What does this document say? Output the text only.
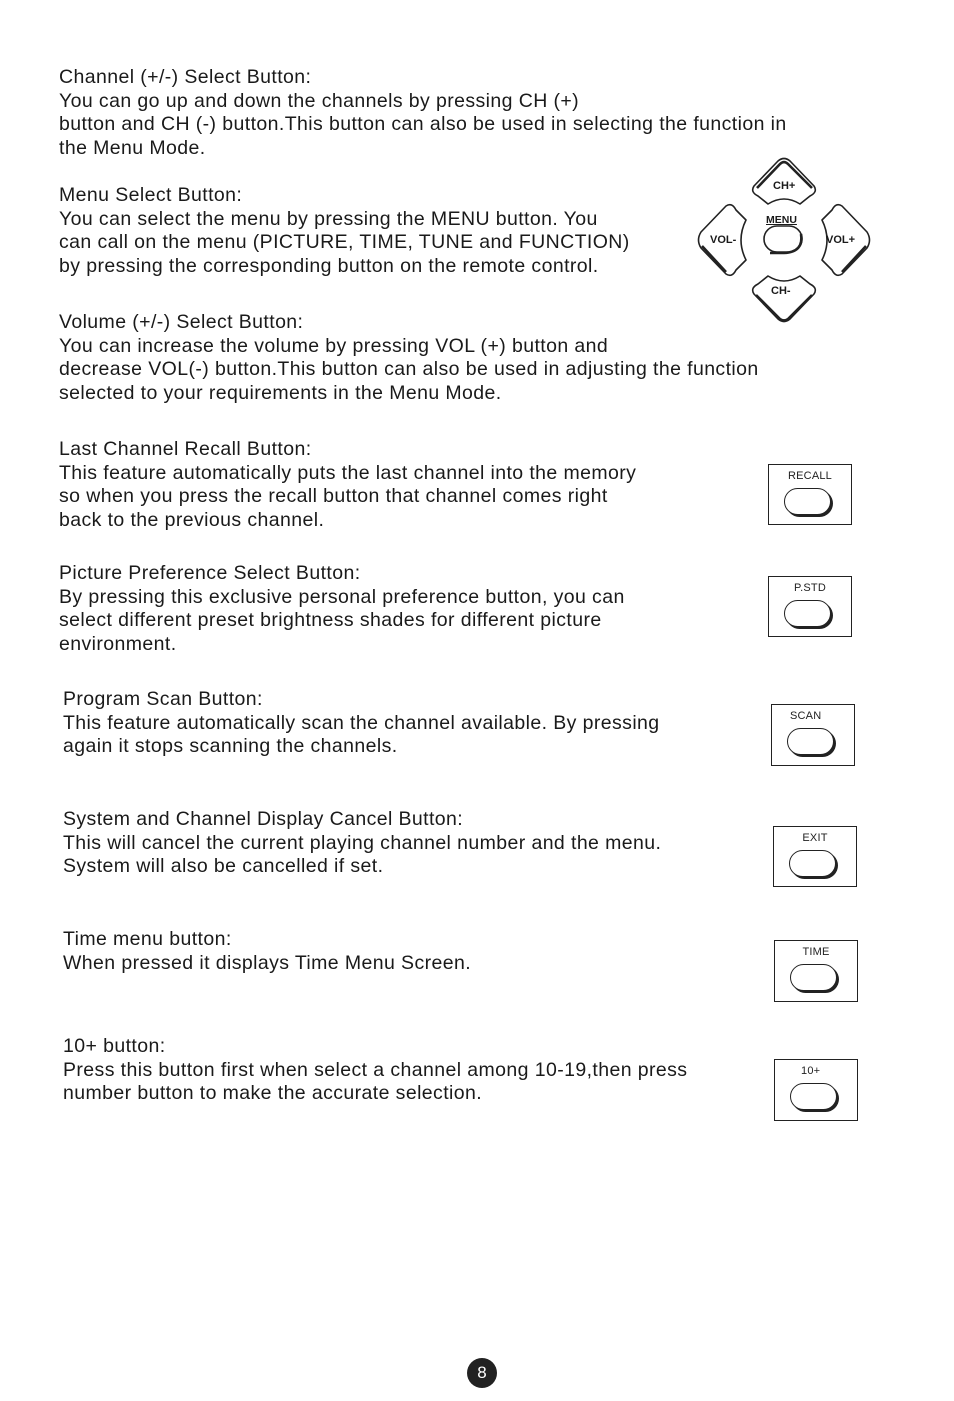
Channel (+/-) Select Button:

You can go up and down the channels by pressing CH (+)

button and CH (-) button.This button can also be used in selecting the function in

the Menu Mode.

Menu Select Button:

You can select the menu by pressing the MENU button. You

can call on the menu (PICTURE, TIME, TUNE and FUNCTION)

by pressing the corresponding button on the remote control.

Volume (+/-) Select Button:

You can increase the volume by pressing VOL (+) button and

decrease VOL(-) button.This button can also be used in adjusting the function

selected to your requirements in the Menu Mode.

Last Channel Recall Button:

This feature automatically puts the last channel into the memory

so when you press the recall button that channel comes right

back to the previous channel.

Picture Preference Select Button:

By pressing this exclusive personal preference button, you can

select different preset brightness shades for different picture

environment.

Program Scan Button:

This feature automatically scan the channel available. By pressing

again it stops scanning the channels.

System and Channel Display Cancel Button:

This will cancel the current playing channel number and the menu.

System will also be cancelled if set.

Time menu button:

When pressed it displays Time Menu Screen.

10+ button:

Press this button first when select a channel among 10-19,then press

number button to make the accurate selection.

CH+
MENU
VOL-	VOL+
CH-
RECALL
P.STD
SCAN
EXIT
TIME
10+
8
